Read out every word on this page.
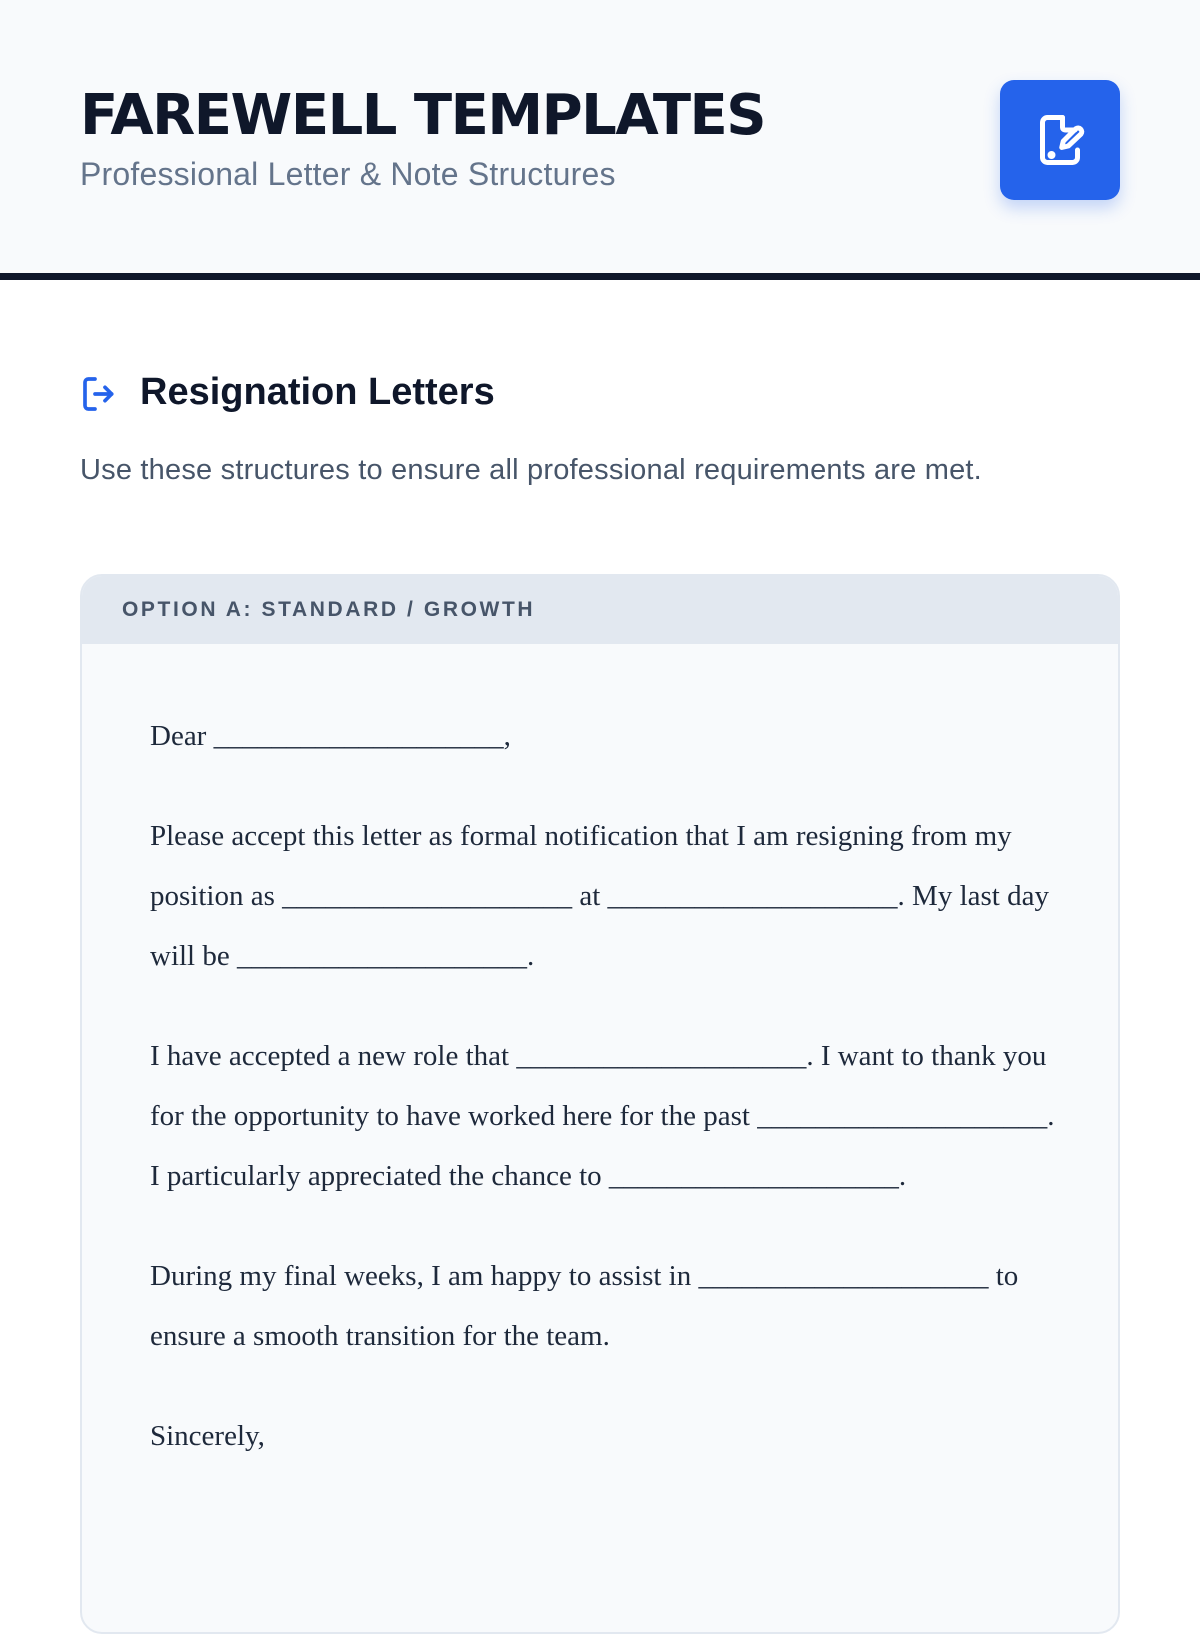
FAREWELL TEMPLATES

Professional Letter & Note Structures

Resignation Letters

Use these structures to ensure all professional requirements are met.

OPTION A: STANDARD / GROWTH

Dear ____________________,

Please accept this letter as formal notification that I am resigning from my position as ____________________ at ____________________. My last day will be ____________________.

I have accepted a new role that ____________________. I want to thank you for the opportunity to have worked here for the past ____________________. I particularly appreciated the chance to ____________________.

During my final weeks, I am happy to assist in ____________________ to ensure a smooth transition for the team.

Sincerely,
